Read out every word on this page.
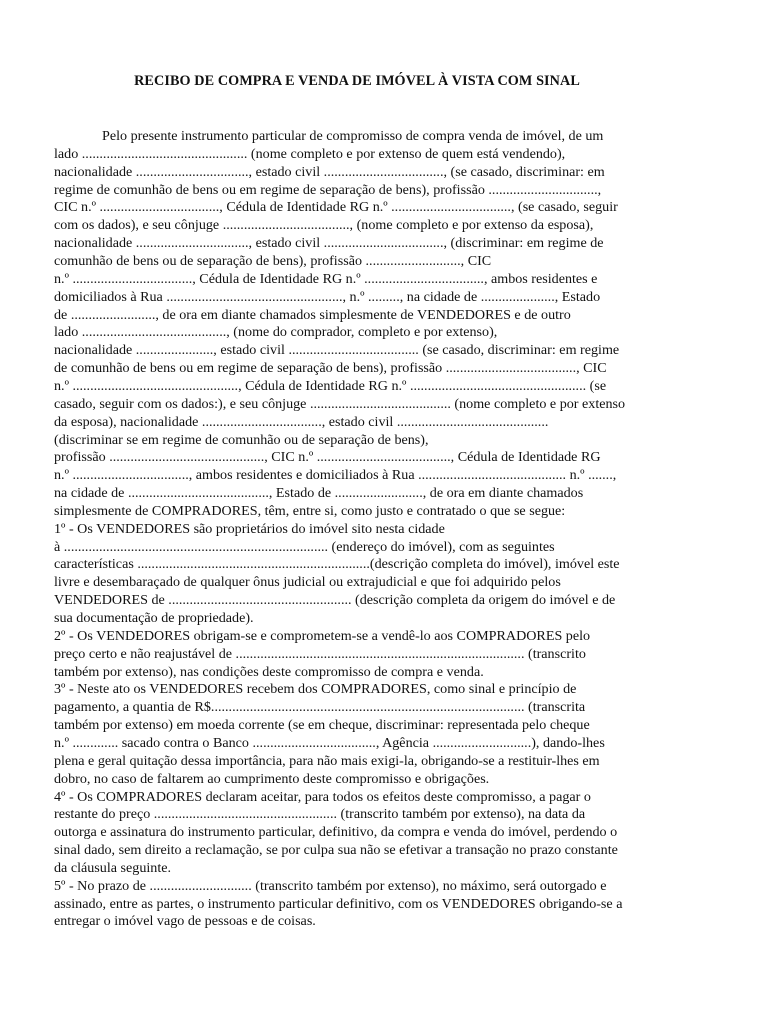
RECIBO DE COMPRA E VENDA DE IMÓVEL À VISTA COM SINAL
Pelo presente instrumento particular de compromisso de compra venda de imóvel, de um
lado ............................................... (nome completo e por extenso de quem está vendendo),
nacionalidade ................................, estado civil .................................., (se casado, discriminar: em
regime de comunhão de bens ou em regime de separação de bens), profissão ...............................,
CIC n.º .................................., Cédula de Identidade RG n.º .................................., (se casado, seguir
com os dados), e seu cônjuge ...................................., (nome completo e por extenso da esposa),
nacionalidade ................................, estado civil .................................., (discriminar: em regime de
comunhão de bens ou de separação de bens), profissão ..........................., CIC
n.º .................................., Cédula de Identidade RG n.º .................................., ambos residentes e
domiciliados à Rua .................................................., n.º ........., na cidade de ....................., Estado
de ........................, de ora em diante chamados simplesmente de VENDEDORES e de outro
lado ........................................., (nome do comprador, completo e por extenso),
nacionalidade ......................, estado civil ..................................... (se casado, discriminar: em regime
de comunhão de bens ou em regime de separação de bens), profissão ....................................., CIC
n.º ..............................................., Cédula de Identidade RG n.º .................................................. (se
casado, seguir com os dados:), e seu cônjuge ........................................ (nome completo e por extenso
da esposa), nacionalidade .................................., estado civil ...........................................
(discriminar se em regime de comunhão ou de separação de bens),
profissão ............................................, CIC n.º ......................................, Cédula de Identidade RG
n.º ................................., ambos residentes e domiciliados à Rua .......................................... n.º .......,
na cidade de ........................................, Estado de ........................., de ora em diante chamados
simplesmente de COMPRADORES, têm, entre si, como justo e contratado o que se segue:
1º - Os VENDEDORES são proprietários do imóvel sito nesta cidade
à ........................................................................... (endereço do imóvel), com as seguintes
características ..................................................................(descrição completa do imóvel), imóvel este
livre e desembaraçado de qualquer ônus judicial ou extrajudicial e que foi adquirido pelos
VENDEDORES de .................................................... (descrição completa da origem do imóvel e de
sua documentação de propriedade).
2º - Os VENDEDORES obrigam-se e comprometem-se a vendê-lo aos COMPRADORES pelo
preço certo e não reajustável de .................................................................................. (transcrito
também por extenso), nas condições deste compromisso de compra e venda.
3º - Neste ato os VENDEDORES recebem dos COMPRADORES, como sinal e princípio de
pagamento, a quantia de R$......................................................................................... (transcrita
também por extenso) em moeda corrente (se em cheque, discriminar: representada pelo cheque
n.º ............. sacado contra o Banco ..................................., Agência ............................), dando-lhes
plena e geral quitação dessa importância, para não mais exigi-la, obrigando-se a restituir-lhes em
dobro, no caso de faltarem ao cumprimento deste compromisso e obrigações.
4º - Os COMPRADORES declaram aceitar, para todos os efeitos deste compromisso, a pagar o
restante do preço .................................................... (transcrito também por extenso), na data da
outorga e assinatura do instrumento particular, definitivo, da compra e venda do imóvel, perdendo o
sinal dado, sem direito a reclamação, se por culpa sua não se efetivar a transação no prazo constante
da cláusula seguinte.
5º - No prazo de ............................. (transcrito também por extenso), no máximo, será outorgado e
assinado, entre as partes, o instrumento particular definitivo, com os VENDEDORES obrigando-se a
entregar o imóvel vago de pessoas e de coisas.
